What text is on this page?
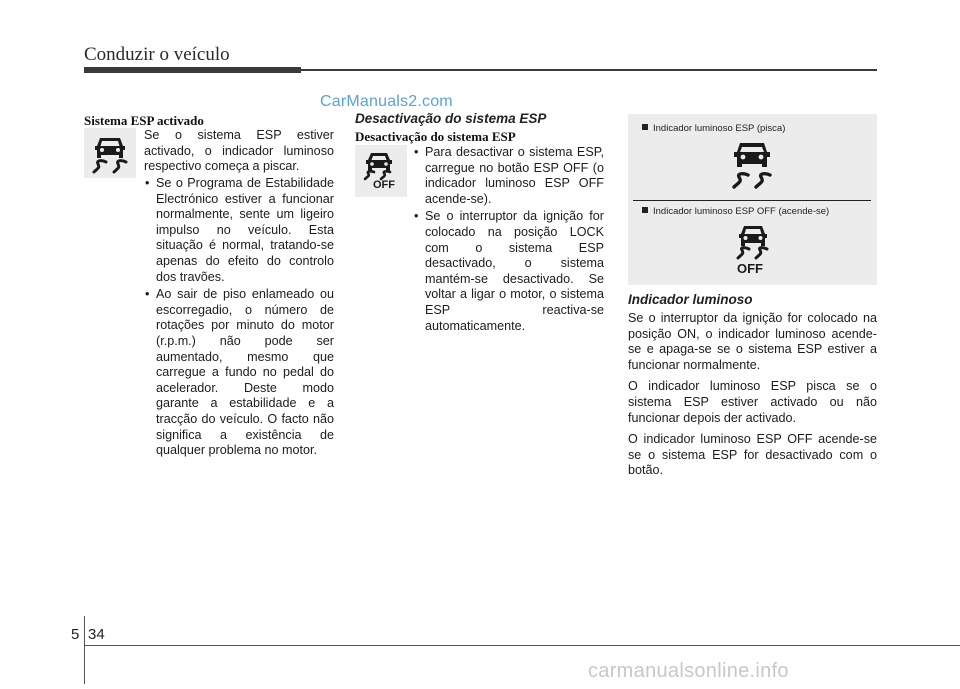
Conduzir o veículo
CarManuals2.com
Sistema ESP activado

Se o sistema ESP estiver activado, o indicador luminoso respectivo começa a piscar.

• Se o Programa de Estabilidade Electrónico estiver a funcionar normalmente, sente um ligeiro impulso no veículo. Esta situação é normal, tratando-se apenas do efeito do controlo dos travões.
• Ao sair de piso enlameado ou escorregadio, o número de rotações por minuto do motor (r.p.m.) não pode ser aumentado, mesmo que carregue a fundo no pedal do acelerador. Deste modo garante a estabilidade e a tracção do veículo. O facto não significa a existência de qualquer problema no motor.
Desactivação do sistema ESP
Desactivação do sistema ESP
OFF
• Para desactivar o sistema ESP, carregue no botão ESP OFF (o indicador luminoso ESP OFF acende-se).
• Se o interruptor da ignição for colocado na posição LOCK com o sistema ESP desactivado, o sistema mantém-se desactivado. Se voltar a ligar o motor, o sistema ESP reactiva-se automaticamente.
Indicador luminoso ESP (pisca)
Indicador luminoso ESP OFF (acende-se)
OFF
Indicador luminoso

Se o interruptor da ignição for colocado na posição ON, o indicador luminoso acende-se e apaga-se se o sistema ESP estiver a funcionar normalmente.

O indicador luminoso ESP pisca se o sistema ESP estiver activado ou não funcionar depois der activado.

O indicador luminoso ESP OFF acende-se se o sistema ESP for desactivado com o botão.

5 34
carmanualsonline.info
